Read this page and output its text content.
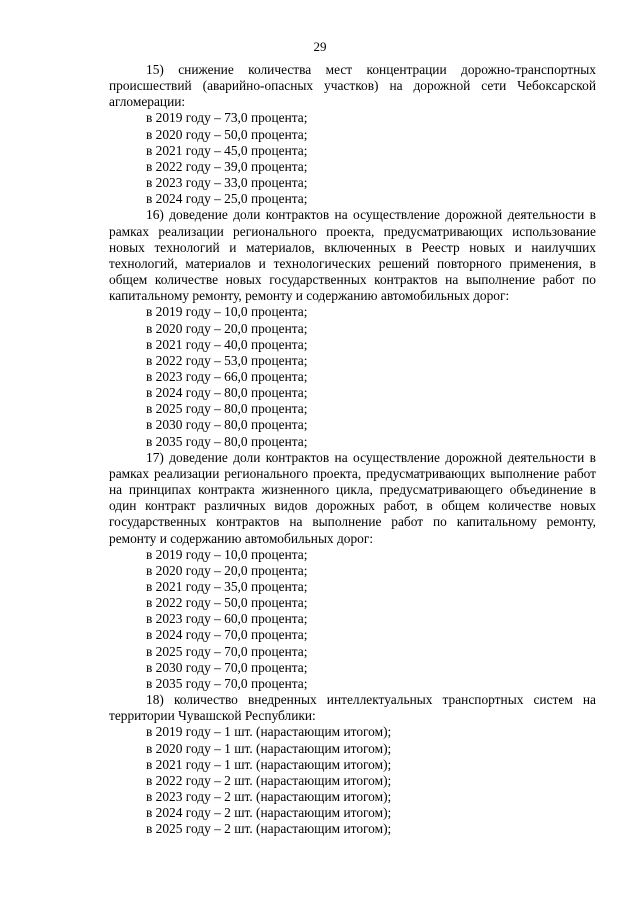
29

15) снижение количества мест концентрации дорожно-транспортных происшествий (аварийно-опасных участков) на дорожной сети Чебоксарской агломерации:

в 2019 году – 73,0 процента;

в 2020 году – 50,0 процента;

в 2021 году – 45,0 процента;

в 2022 году – 39,0 процента;

в 2023 году – 33,0 процента;

в 2024 году – 25,0 процента;

16) доведение доли контрактов на осуществление дорожной деятельности в рамках реализации регионального проекта, предусматривающих использование новых технологий и материалов, включенных в Реестр новых и наилучших технологий, материалов и технологических решений повторного применения, в общем количестве новых государственных контрактов на выполнение работ по капитальному ремонту, ремонту и содержанию автомобильных дорог:

в 2019 году – 10,0 процента;

в 2020 году – 20,0 процента;

в 2021 году – 40,0 процента;

в 2022 году – 53,0 процента;

в 2023 году – 66,0 процента;

в 2024 году – 80,0 процента;

в 2025 году – 80,0 процента;

в 2030 году – 80,0 процента;

в 2035 году – 80,0 процента;

17) доведение доли контрактов на осуществление дорожной деятельности в рамках реализации регионального проекта, предусматривающих выполнение работ на принципах контракта жизненного цикла, предусматривающего объединение в один контракт различных видов дорожных работ, в общем количестве новых государственных контрактов на выполнение работ по капитальному ремонту, ремонту и содержанию автомобильных дорог:

в 2019 году – 10,0 процента;

в 2020 году – 20,0 процента;

в 2021 году – 35,0 процента;

в 2022 году – 50,0 процента;

в 2023 году – 60,0 процента;

в 2024 году – 70,0 процента;

в 2025 году – 70,0 процента;

в 2030 году – 70,0 процента;

в 2035 году – 70,0 процента;

18) количество внедренных интеллектуальных транспортных систем на территории Чувашской Республики:

в 2019 году – 1 шт. (нарастающим итогом);

в 2020 году – 1 шт. (нарастающим итогом);

в 2021 году – 1 шт. (нарастающим итогом);

в 2022 году – 2 шт. (нарастающим итогом);

в 2023 году – 2 шт. (нарастающим итогом);

в 2024 году – 2 шт. (нарастающим итогом);

в 2025 году – 2 шт. (нарастающим итогом);
